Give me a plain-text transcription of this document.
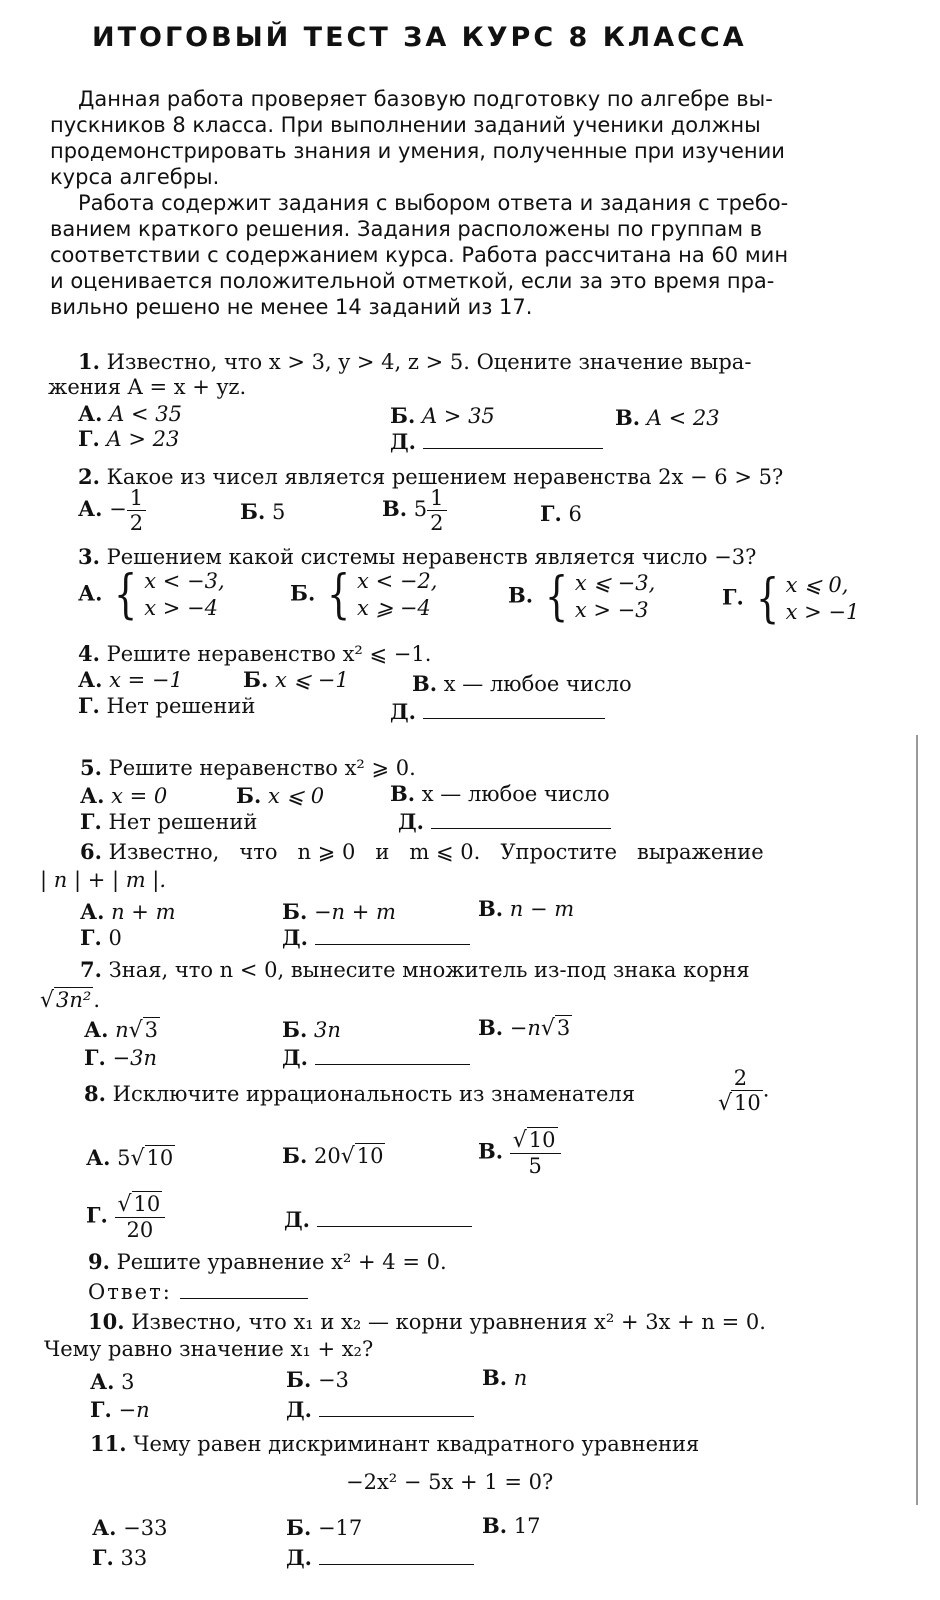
ИТОГОВЫЙ ТЕСТ ЗА КУРС 8 КЛАССА
Данная работа проверяет базовую подготовку по алгебре вы-
пускников 8 класса. При выполнении заданий ученики должны
продемонстрировать знания и умения, полученные при изучении
курса алгебры.
Работа содержит задания с выбором ответа и задания с требо-
ванием краткого решения. Задания расположены по группам в
соответствии с содержанием курса. Работа рассчитана на 60 мин
и оценивается положительной отметкой, если за это время пра-
вильно решено не менее 14 заданий из 17.
1. Известно, что x > 3, y > 4, z > 5. Оцените значение выра-
жения A = x + yz.
А. A < 35	Б. A > 35	В. A < 23
Г. A > 23	Д.
2. Какое из чисел является решением неравенства 2x − 6 > 5?
А. − $\frac{1}{2}$	Б. 5	В. $5 \frac{1}{2}$	Г. 6
3. Решением какой системы неравенств является число −3?
А. { x < −3,
x > −4
Б. { x < −2,
x ⩾ −4
В. { x ⩽ −3,
x > −3
Г. { x ⩽ 0,
x > −1
4. Решите неравенство x² ⩽ −1.
А. x = −1	Б. x ⩽ −1	В. x — любое число
Г. Нет решений	Д.
5. Решите неравенство x² ⩾ 0.
А. x = 0	Б. x ⩽ 0	В. x — любое число
Г. Нет решений	Д.
6. Известно,   что   n ⩾ 0   и   m ⩽ 0.   Упростите   выражение
| n | + | m |.
А. n + m	Б. −n + m	В. n − m
Г. 0	Д.
7. Зная, что n < 0, вынесите множитель из-под знака корня
√3n².
А. n√3	Б. 3n	В. −n√3
Г. −3n	Д.
8. Исключите иррациональность из знаменателя	$\frac{2}{√10}$ .
А. 5√10	Б. 20√10	В. $\frac{√10}{5}$
Г. $\frac{√10}{20}$	Д.
9. Решите уравнение x² + 4 = 0.
Ответ:
10. Известно, что x₁ и x₂ — корни уравнения x² + 3x + n = 0.
Чему равно значение x₁ + x₂?
А. 3	Б. −3	В. n
Г. −n	Д.
11. Чему равен дискриминант квадратного уравнения
−2x² − 5x + 1 = 0?
А. −33	Б. −17	В. 17
Г. 33	Д.
